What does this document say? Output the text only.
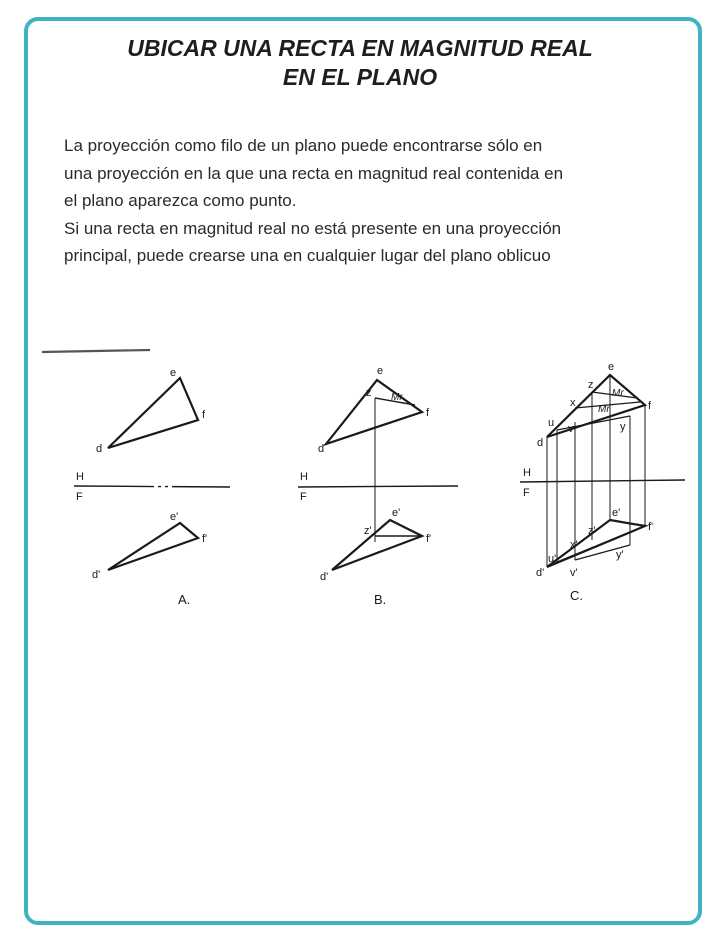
UBICAR UNA RECTA EN MAGNITUD REAL
EN EL PLANO
La proyección como filo de un plano puede encontrarse sólo en
una proyección en la que una recta en magnitud real contenida en
el plano aparezca como punto.
Si una recta en magnitud real no está presente en una proyección
principal, puede crearse una en cualquier lugar del plano oblicuo
e
f
d
e'
f'
d'
A.
e
z
f
d
Mr
H
F
e'
z'
f'
d'
B.
e
z
x	f
u v	y
d
Mr
Mr
H
F
e'
z'
x'
f'
u'
v'
y'
d'
C.
H
F
